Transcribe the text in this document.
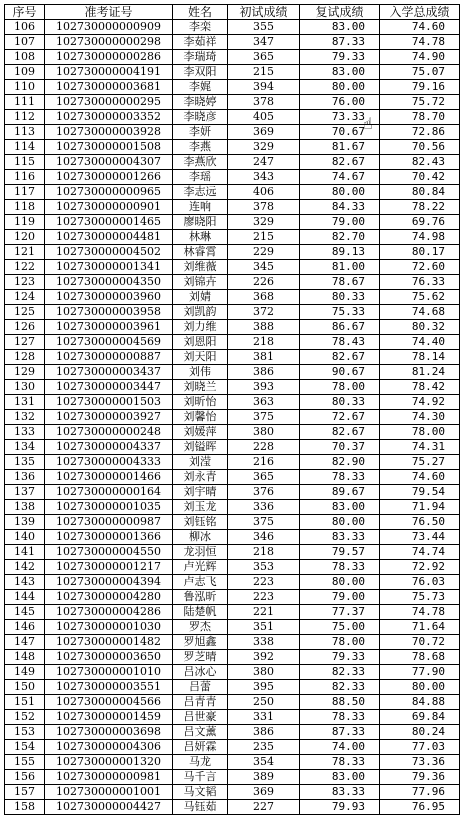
序号	准考证号	姓名	初试成绩	复试成绩	入学总成绩
106	102730000000909	李栾	355	83.00	74.60
107	102730000000298	李茹祥	347	87.33	74.78
108	102730000000286	李瑞琦	365	79.33	74.90
109	102730000004191	李双阳	215	83.00	75.07
110	102730000003681	李娓	394	80.00	79.16
111	102730000000295	李晓婷	378	76.00	75.72
112	102730000003352	李晓彦	405	73.33	78.70
113	102730000003928	李妍	369	70.67	72.86
114	102730000001508	李燕	329	81.67	70.56
115	102730000004307	李燕欣	247	82.67	82.43
116	102730000001266	李瑶	343	74.67	70.42
117	102730000000965	李志远	406	80.00	80.84
118	102730000000901	连响	378	84.33	78.22
119	102730000001465	廖晓阳	329	79.00	69.76
120	102730000004481	林琳	215	82.70	74.98
121	102730000004502	林睿霄	229	89.13	80.17
122	102730000001341	刘维薇	345	81.00	72.60
123	102730000004350	刘锦卉	226	78.67	76.33
124	102730000003960	刘婧	368	80.33	75.62
125	102730000003958	刘凯韵	372	75.33	74.68
126	102730000003961	刘力维	388	86.67	80.32
127	102730000004569	刘恩阳	218	78.43	74.40
128	102730000000887	刘天阳	381	82.67	78.14
129	102730000003437	刘伟	386	90.67	81.24
130	102730000003447	刘晓兰	393	78.00	78.42
131	102730000001503	刘昕怡	363	80.33	74.92
132	102730000003927	刘馨怡	375	72.67	74.30
133	102730000000248	刘媛萍	380	82.67	78.00
134	102730000004337	刘镒晖	228	70.37	74.31
135	102730000004333	刘滢	216	82.90	75.27
136	102730000001466	刘永青	365	78.33	74.60
137	102730000000164	刘宇晴	376	89.67	79.54
138	102730000001035	刘玉龙	336	83.00	71.94
139	102730000000987	刘钰铭	375	80.00	76.50
140	102730000001366	柳冰	346	83.33	73.44
141	102730000004550	龙羽恒	218	79.57	74.74
142	102730000001217	卢光辉	353	78.33	72.92
143	102730000004394	卢志飞	223	80.00	76.03
144	102730000004280	鲁泓昕	223	79.00	75.73
145	102730000004286	陆楚帆	221	77.37	74.78
146	102730000001030	罗杰	351	75.00	71.64
147	102730000001482	罗旭鑫	338	78.00	70.72
148	102730000003650	罗芝晴	392	79.33	78.68
149	102730000001010	吕冰心	380	82.33	77.90
150	102730000003551	吕蕾	395	82.33	80.00
151	102730000004566	吕青青	250	88.50	84.88
152	102730000001459	吕世豪	331	78.33	69.84
153	102730000003698	吕文薰	386	87.33	80.24
154	102730000004306	吕妍霖	235	74.00	77.03
155	102730000001320	马龙	354	78.33	73.36
156	102730000000981	马千言	389	83.00	79.36
157	102730000001001	马文韬	369	83.33	77.96
158	102730000004427	马钰茹	227	79.93	76.95
☝
